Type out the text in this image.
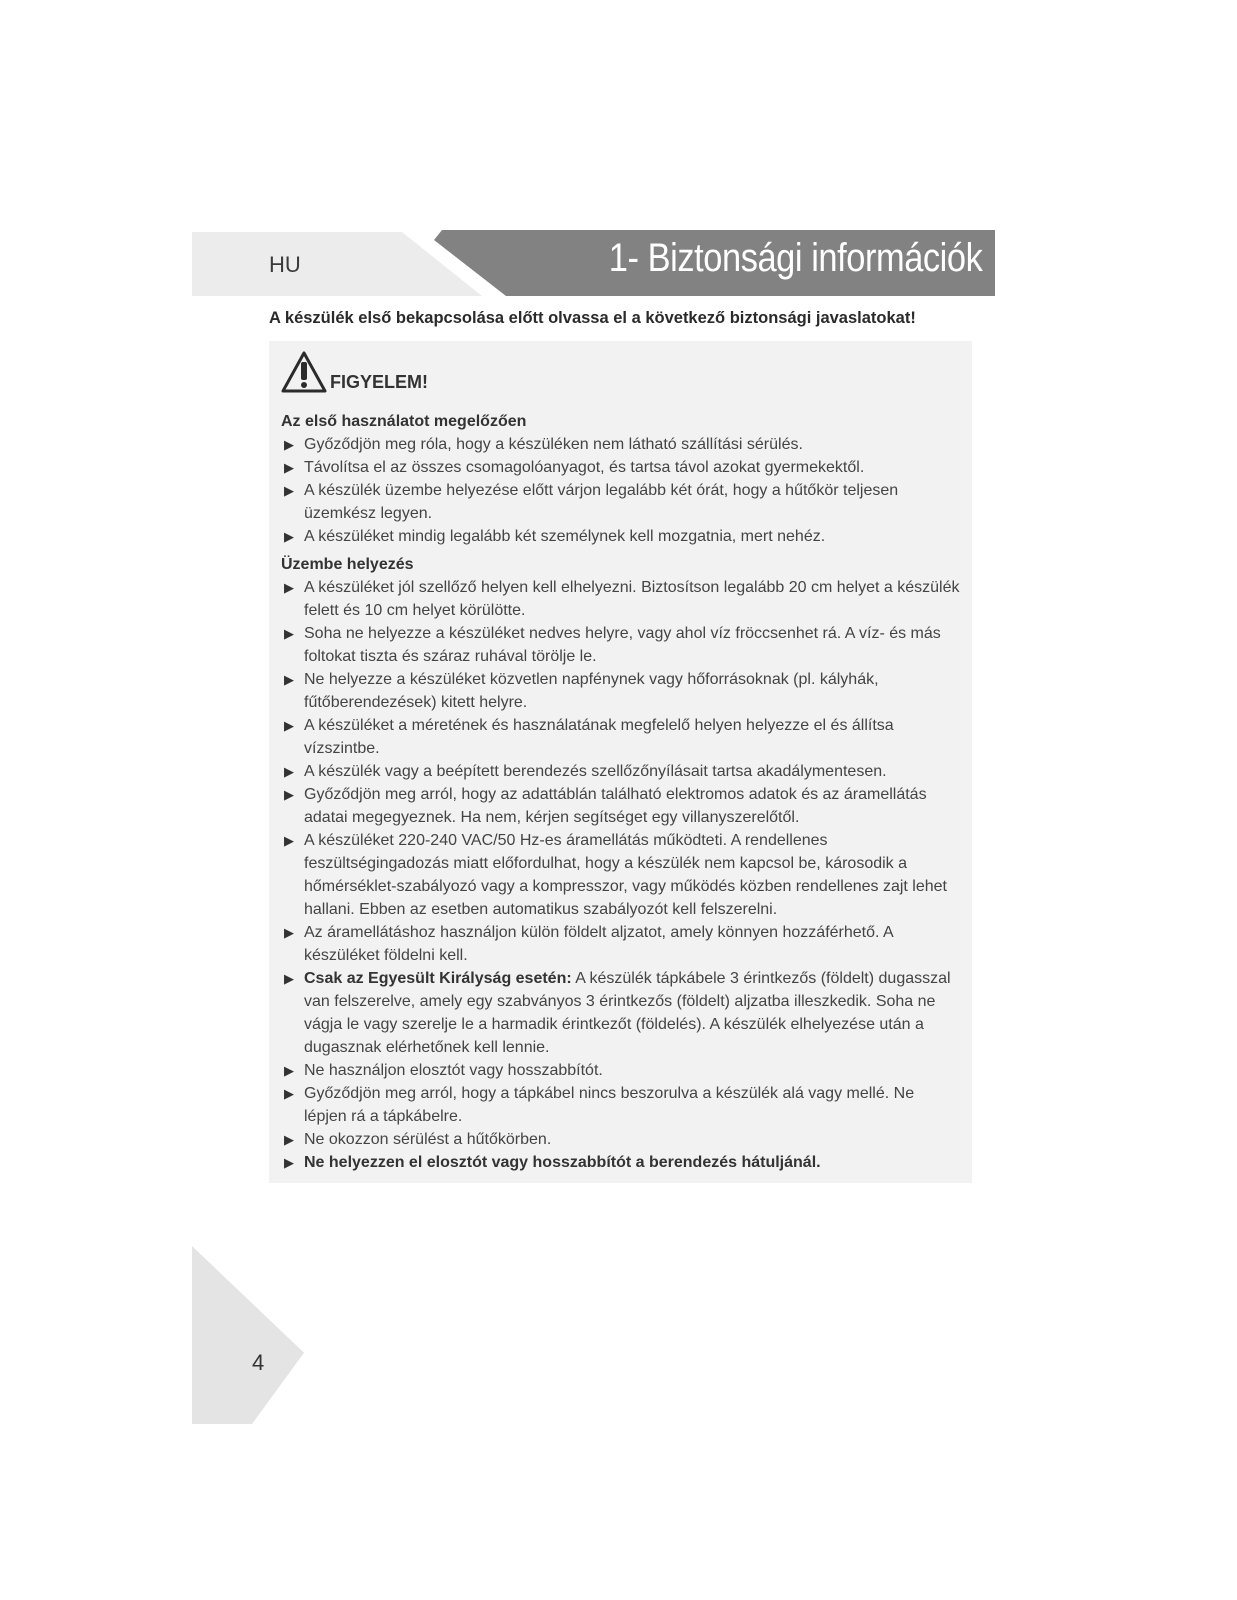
HU	1- Biztonsági információk
A készülék első bekapcsolása előtt olvassa el a következő biztonsági javaslatokat!
FIGYELEM!
Az első használatot megelőzően
▶ Győződjön meg róla, hogy a készüléken nem látható szállítási sérülés.
▶ Távolítsa el az összes csomagolóanyagot, és tartsa távol azokat gyermekektől.
▶ A készülék üzembe helyezése előtt várjon legalább két órát, hogy a hűtőkör teljesen üzemkész legyen.
▶ A készüléket mindig legalább két személynek kell mozgatnia, mert nehéz.
Üzembe helyezés
▶ A készüléket jól szellőző helyen kell elhelyezni. Biztosítson legalább 20 cm helyet a készülék felett és 10 cm helyet körülötte.
▶ Soha ne helyezze a készüléket nedves helyre, vagy ahol víz fröccsenhet rá. A víz- és más foltokat tiszta és száraz ruhával törölje le.
▶ Ne helyezze a készüléket közvetlen napfénynek vagy hőforrásoknak (pl. kályhák, fűtőberendezések) kitett helyre.
▶ A készüléket a méretének és használatának megfelelő helyen helyezze el és állítsa vízszintbe.
▶ A készülék vagy a beépített berendezés szellőzőnyílásait tartsa akadálymentesen.
▶ Győződjön meg arról, hogy az adattáblán található elektromos adatok és az áramellátás adatai megegyeznek. Ha nem, kérjen segítséget egy villanyszerelőtől.
▶ A készüléket 220-240 VAC/50 Hz-es áramellátás működteti. A rendellenes feszültségingadozás miatt előfordulhat, hogy a készülék nem kapcsol be, károsodik a hőmérséklet-szabályozó vagy a kompresszor, vagy működés közben rendellenes zajt lehet hallani. Ebben az esetben automatikus szabályozót kell felszerelni.
▶ Az áramellátáshoz használjon külön földelt aljzatot, amely könnyen hozzáférhető. A készüléket földelni kell.
▶ Csak az Egyesült Királyság esetén: A készülék tápkábele 3 érintkezős (földelt) dugasszal van felszerelve, amely egy szabványos 3 érintkezős (földelt) aljzatba illeszkedik. Soha ne vágja le vagy szerelje le a harmadik érintkezőt (földelés). A készülék elhelyezése után a dugasznak elérhetőnek kell lennie.
▶ Ne használjon elosztót vagy hosszabbítót.
▶ Győződjön meg arról, hogy a tápkábel nincs beszorulva a készülék alá vagy mellé. Ne lépjen rá a tápkábelre.
▶ Ne okozzon sérülést a hűtőkörben.
▶ Ne helyezzen el elosztót vagy hosszabbítót a berendezés hátuljánál.
4
